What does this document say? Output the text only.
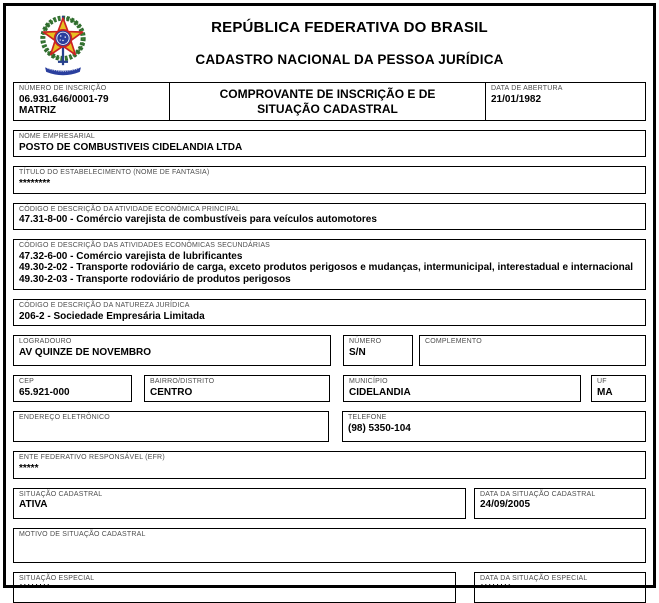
REPÚBLICA FEDERATIVA DO BRASIL
CADASTRO NACIONAL DA PESSOA JURÍDICA
NÚMERO DE INSCRIÇÃO
06.931.646/0001-79
MATRIZ
COMPROVANTE DE INSCRIÇÃO E DE SITUAÇÃO CADASTRAL
DATA DE ABERTURA
21/01/1982
NOME EMPRESARIAL
POSTO DE COMBUSTIVEIS CIDELANDIA LTDA
TÍTULO DO ESTABELECIMENTO (NOME DE FANTASIA)
********
CÓDIGO E DESCRIÇÃO DA ATIVIDADE ECONÔMICA PRINCIPAL
47.31-8-00 - Comércio varejista de combustíveis para veículos automotores
CÓDIGO E DESCRIÇÃO DAS ATIVIDADES ECONÔMICAS SECUNDÁRIAS
47.32-6-00 - Comércio varejista de lubrificantes
49.30-2-02 - Transporte rodoviário de carga, exceto produtos perigosos e mudanças, intermunicipal, interestadual e internacional
49.30-2-03 - Transporte rodoviário de produtos perigosos
CÓDIGO E DESCRIÇÃO DA NATUREZA JURÍDICA
206-2 - Sociedade Empresária Limitada
LOGRADOURO
AV QUINZE DE NOVEMBRO
NÚMERO
S/N
COMPLEMENTO
CEP
65.921-000
BAIRRO/DISTRITO
CENTRO
MUNICÍPIO
CIDELANDIA
UF
MA
ENDEREÇO ELETRÔNICO	TELEFONE
(98) 5350-104
ENTE FEDERATIVO RESPONSÁVEL (EFR)
*****
SITUAÇÃO CADASTRAL
ATIVA
DATA DA SITUAÇÃO CADASTRAL
24/09/2005
MOTIVO DE SITUAÇÃO CADASTRAL
SITUAÇÃO ESPECIAL
********
DATA DA SITUAÇÃO ESPECIAL
********
